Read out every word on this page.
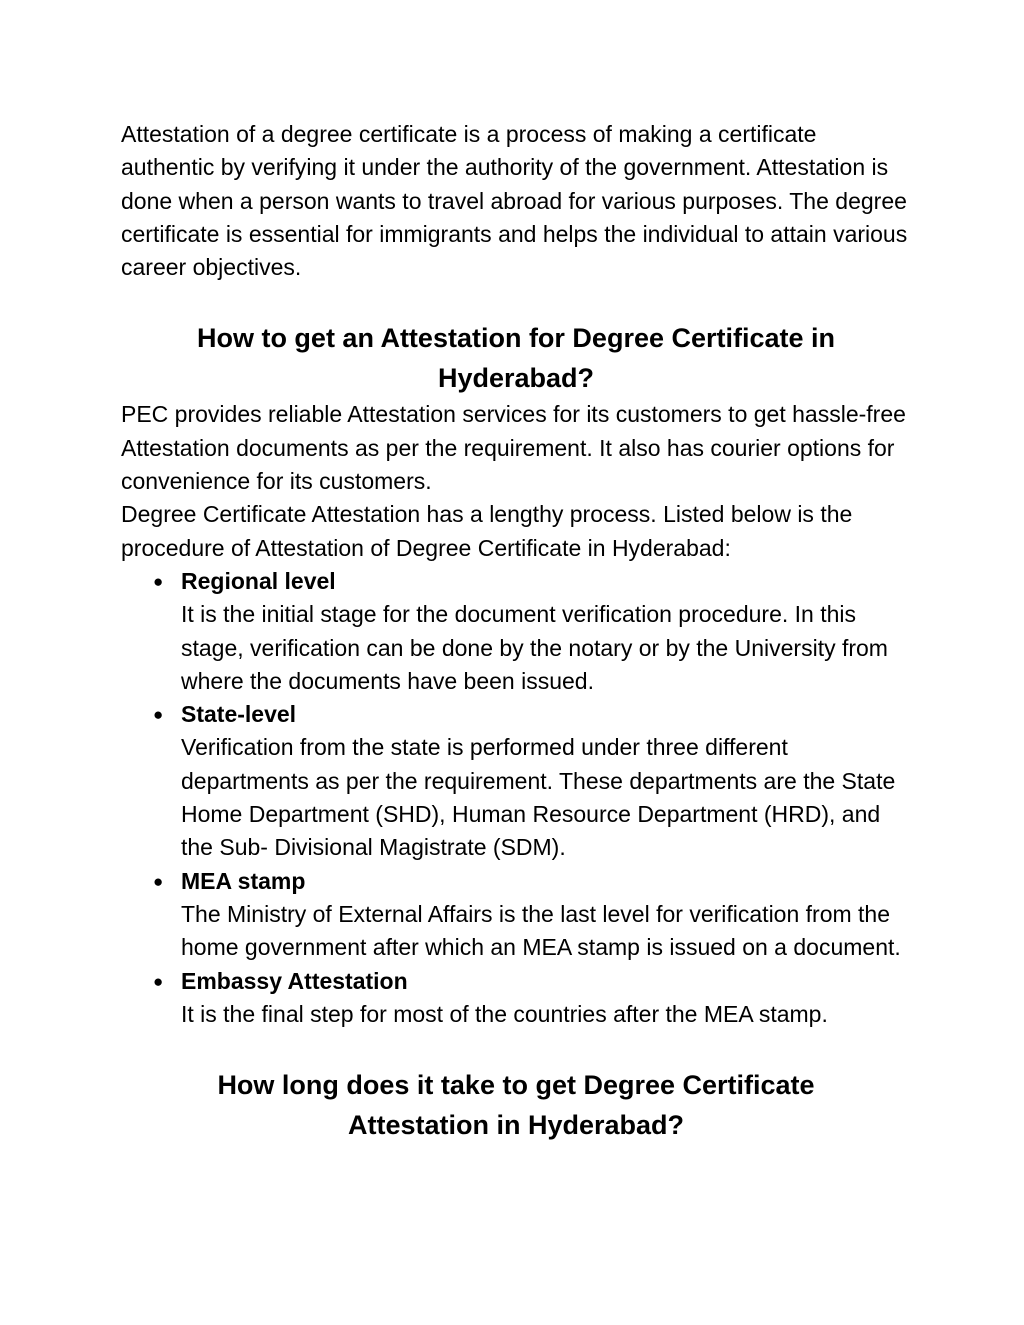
Attestation of a degree certificate is a process of making a certificate authentic by verifying it under the authority of the government. Attestation is done when a person wants to travel abroad for various purposes. The degree certificate is essential for immigrants and helps the individual to attain various career objectives.

How to get an Attestation for Degree Certificate in Hyderabad?

PEC provides reliable Attestation services for its customers to get hassle-free Attestation documents as per the requirement. It also has courier options for convenience for its customers.

Degree Certificate Attestation has a lengthy process. Listed below is the procedure of Attestation of Degree Certificate in Hyderabad:

● Regional level
It is the initial stage for the document verification procedure. In this stage, verification can be done by the notary or by the University from where the documents have been issued.
● State-level
Verification from the state is performed under three different departments as per the requirement. These departments are the State Home Department (SHD), Human Resource Department (HRD), and the Sub- Divisional Magistrate (SDM).
● MEA stamp
The Ministry of External Affairs is the last level for verification from the home government after which an MEA stamp is issued on a document.
● Embassy Attestation
It is the final step for most of the countries after the MEA stamp.
How long does it take to get Degree Certificate Attestation in Hyderabad?
